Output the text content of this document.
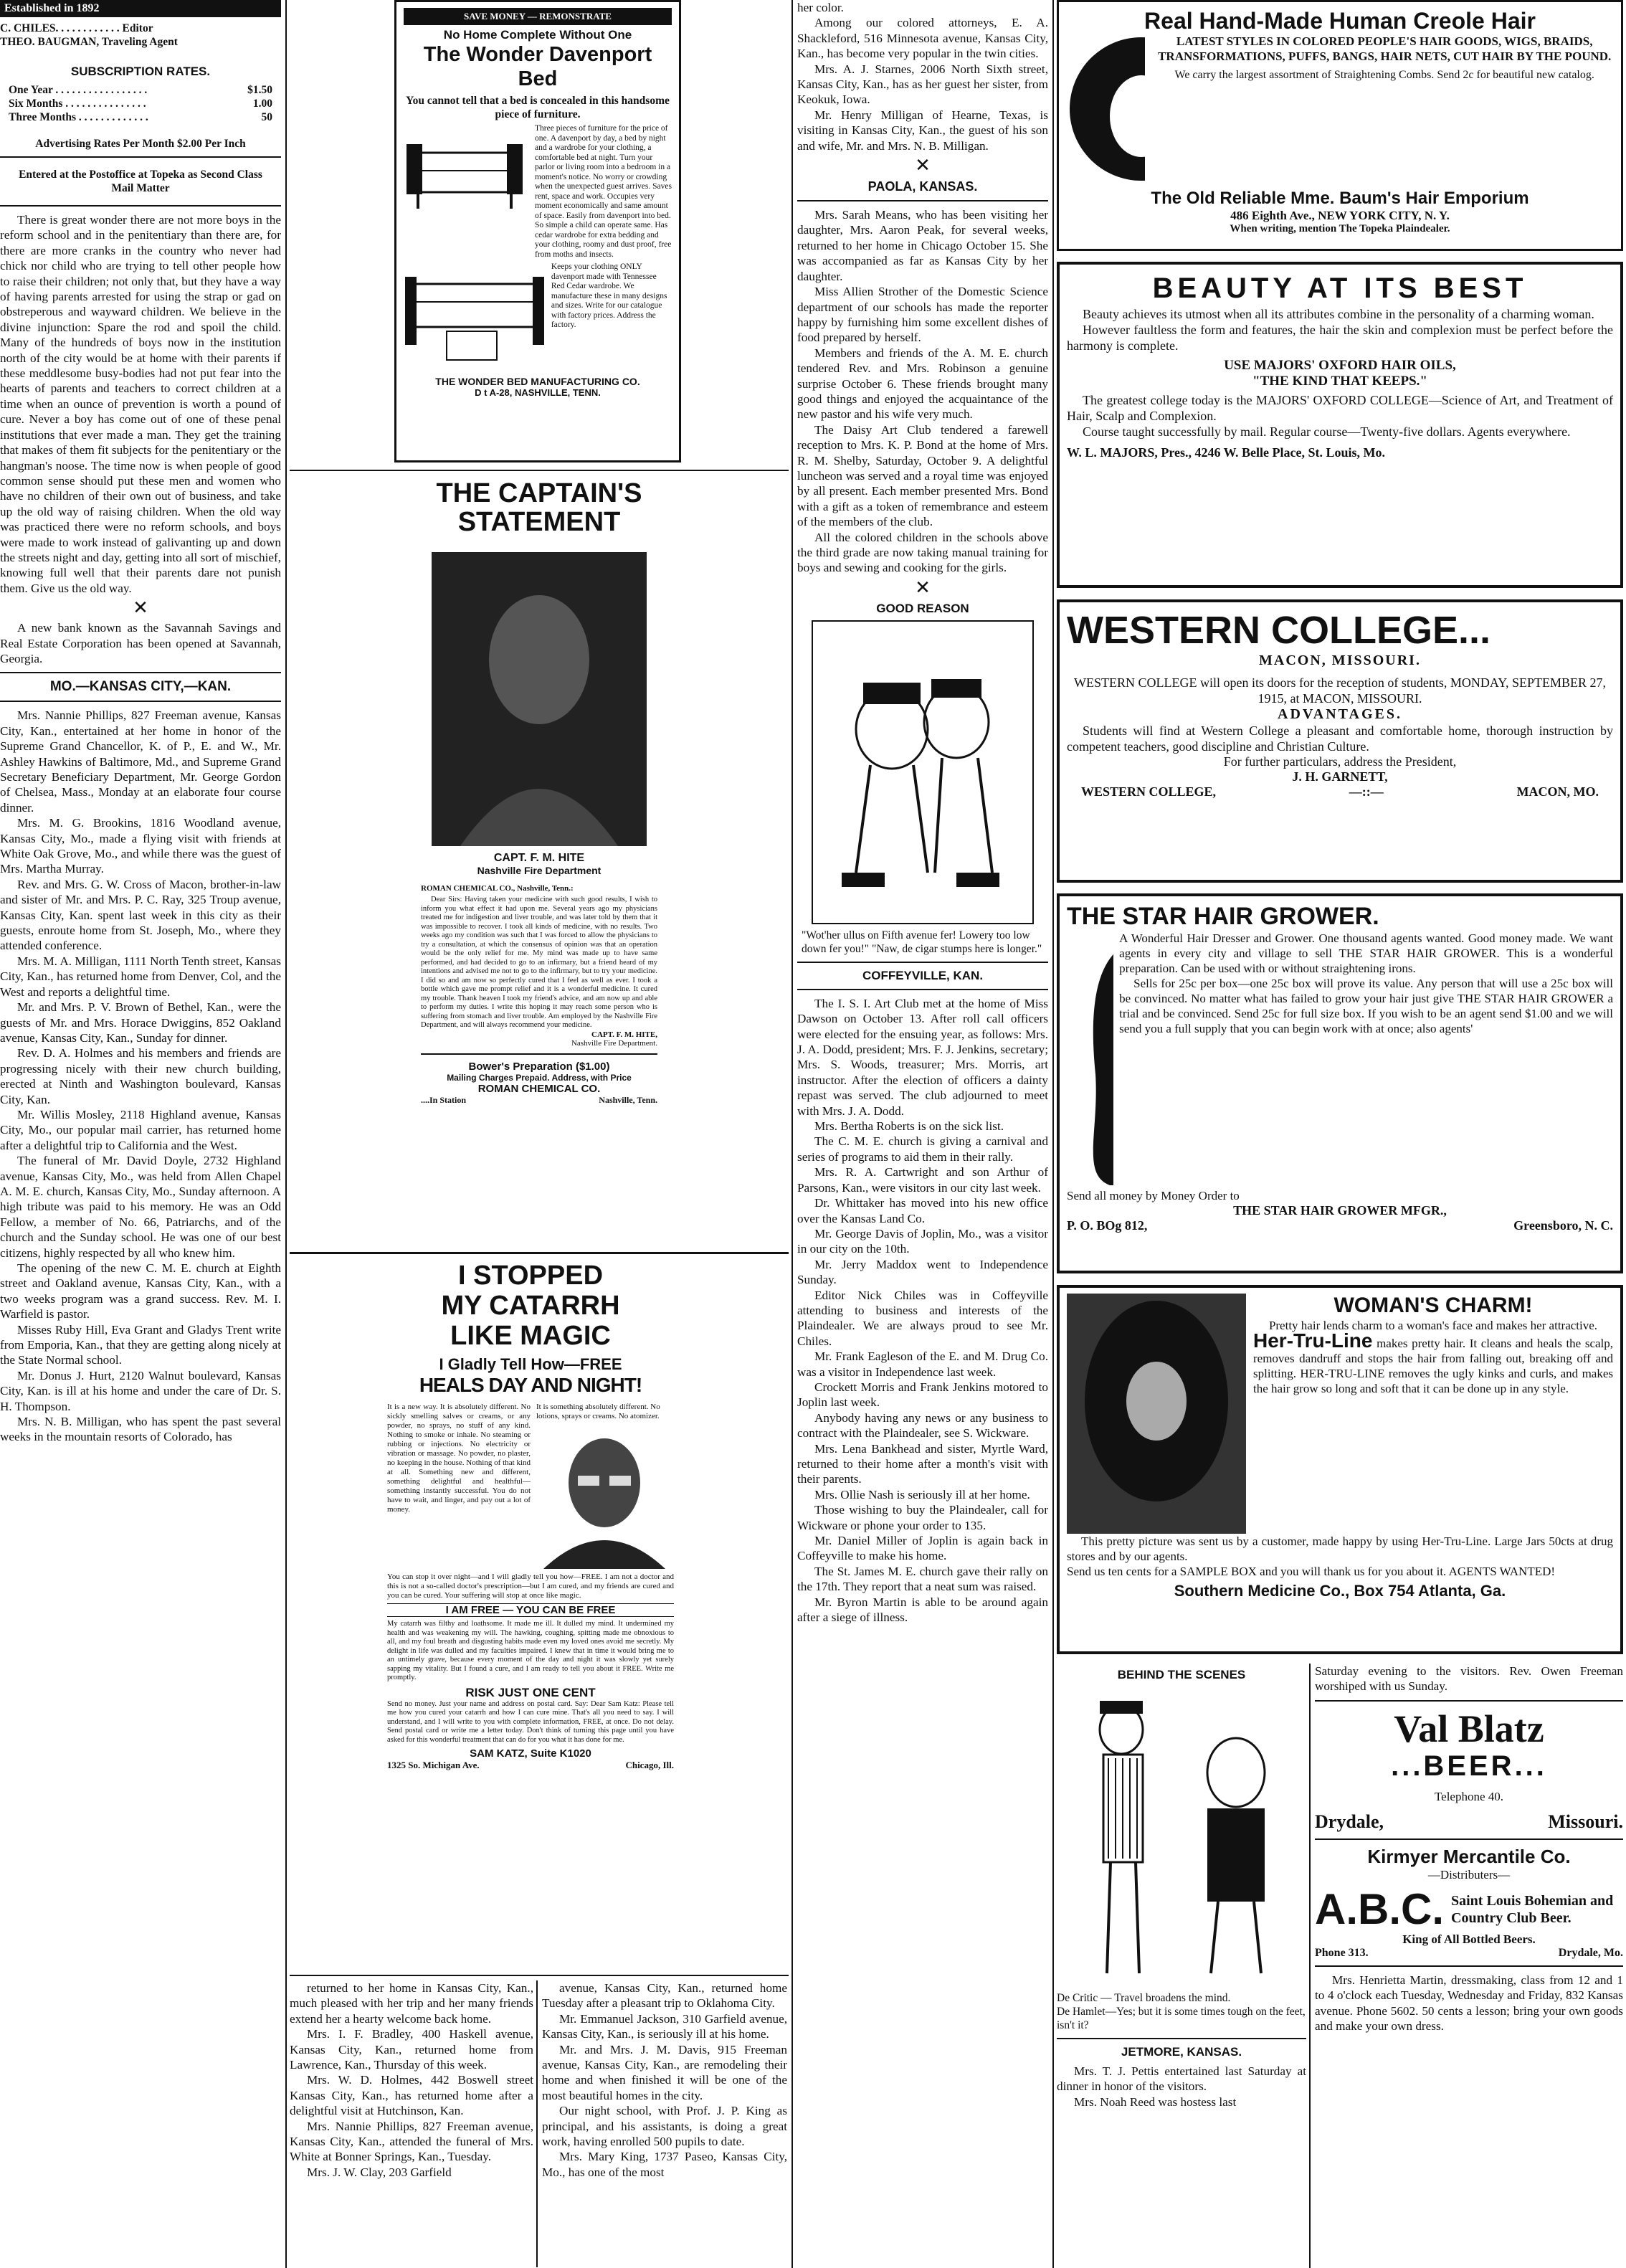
Established in 1892
C. CHILES. . . . . . . . . . . . Editor
THEO. BAUGMAN, Traveling Agent
SUBSCRIPTION RATES.
One Year . . . . . . . . . . . . . . . . .	$1.50
Six Months . . . . . . . . . . . . . . .	1.00
Three Months . . . . . . . . . . . . .	50
Advertising Rates Per Month $2.00 Per Inch
Entered at the Postoffice at Topeka as Second Class Mail Matter

There is great wonder there are not more boys in the reform school and in the penitentiary than there are, for there are more cranks in the country who never had chick nor child who are trying to tell other people how to raise their children; not only that, but they have a way of having parents arrested for using the strap or gad on obstreperous and wayward children. We believe in the divine injunction: Spare the rod and spoil the child. Many of the hundreds of boys now in the institution north of the city would be at home with their parents if these meddlesome busy-bodies had not put fear into the hearts of parents and teachers to correct children at a time when an ounce of prevention is worth a pound of cure. Never a boy has come out of one of these penal institutions that ever made a man. They get the training that makes of them fit subjects for the penitentiary or the hangman's noose. The time now is when people of good common sense should put these men and women who have no children of their own out of business, and take up the old way of raising children. When the old way was practiced there were no reform schools, and boys were made to work instead of galivanting up and down the streets night and day, getting into all sort of mischief, knowing full well that their parents dare not punish them. Give us the old way.

✕

A new bank known as the Savannah Savings and Real Estate Corporation has been opened at Savannah, Georgia.

MO.—KANSAS CITY,—KAN.

Mrs. Nannie Phillips, 827 Freeman avenue, Kansas City, Kan., entertained at her home in honor of the Supreme Grand Chancellor, K. of P., E. and W., Mr. Ashley Hawkins of Baltimore, Md., and Supreme Grand Secretary Beneficiary Department, Mr. George Gordon of Chelsea, Mass., Monday at an elaborate four course dinner.

Mrs. M. G. Brookins, 1816 Woodland avenue, Kansas City, Mo., made a flying visit with friends at White Oak Grove, Mo., and while there was the guest of Mrs. Martha Murray.

Rev. and Mrs. G. W. Cross of Macon, brother-in-law and sister of Mr. and Mrs. P. C. Ray, 325 Troup avenue, Kansas City, Kan. spent last week in this city as their guests, enroute home from St. Joseph, Mo., where they attended conference.

Mrs. M. A. Milligan, 1111 North Tenth street, Kansas City, Kan., has returned home from Denver, Col, and the West and reports a delightful time.

Mr. and Mrs. P. V. Brown of Bethel, Kan., were the guests of Mr. and Mrs. Horace Dwiggins, 852 Oakland avenue, Kansas City, Kan., Sunday for dinner.

Rev. D. A. Holmes and his members and friends are progressing nicely with their new church building, erected at Ninth and Washington boulevard, Kansas City, Kan.

Mr. Willis Mosley, 2118 Highland avenue, Kansas City, Mo., our popular mail carrier, has returned home after a delightful trip to California and the West.

The funeral of Mr. David Doyle, 2732 Highland avenue, Kansas City, Mo., was held from Allen Chapel A. M. E. church, Kansas City, Mo., Sunday afternoon. A high tribute was paid to his memory. He was an Odd Fellow, a member of No. 66, Patriarchs, and of the church and the Sunday school. He was one of our best citizens, highly respected by all who knew him.

The opening of the new C. M. E. church at Eighth street and Oakland avenue, Kansas City, Kan., with a two weeks program was a grand success. Rev. M. I. Warfield is pastor.

Misses Ruby Hill, Eva Grant and Gladys Trent write from Emporia, Kan., that they are getting along nicely at the State Normal school.

Mr. Donus J. Hurt, 2120 Walnut boulevard, Kansas City, Kan. is ill at his home and under the care of Dr. S. H. Thompson.

Mrs. N. B. Milligan, who has spent the past several weeks in the mountain resorts of Colorado, has

SAVE MONEY — REMONSTRATE
No Home Complete Without One
The Wonder Davenport Bed
You cannot tell that a bed is concealed in this handsome piece of furniture.
Three pieces of furniture for the price of one. A davenport by day, a bed by night and a wardrobe for your clothing, a comfortable bed at night. Turn your parlor or living room into a bedroom in a moment's notice. No worry or crowding when the unexpected guest arrives. Saves rent, space and work. Occupies very moment economically and same amount of space. Easily from davenport into bed. So simple a child can operate same. Has cedar wardrobe for extra bedding and your clothing, roomy and dust proof, free from moths and insects.
Keeps your clothing ONLY davenport made with Tennessee Red Cedar wardrobe. We manufacture these in many designs and sizes. Write for our catalogue with factory prices. Address the factory.
THE WONDER BED MANUFACTURING CO.
D t A-28, NASHVILLE, TENN.
THE CAPTAIN'S
STATEMENT
CAPT. F. M. HITE
Nashville Fire Department
ROMAN CHEMICAL CO., Nashville, Tenn.:
Dear Sirs: Having taken your medicine with such good results, I wish to inform you what effect it had upon me. Several years ago my physicians treated me for indigestion and liver trouble, and was later told by them that it was impossible to recover. I took all kinds of medicine, with no results. Two weeks ago my condition was such that I was forced to allow the physicians to try a consultation, at which the consensus of opinion was that an operation would be the only relief for me. My mind was made up to have same performed, and had decided to go to an infirmary, but a friend heard of my intentions and advised me not to go to the infirmary, but to try your medicine. I did so and am now so perfectly cured that I feel as well as ever. I took a bottle which gave me prompt relief and it is a wonderful medicine. It cured my trouble. Thank heaven I took my friend's advice, and am now up and able to perform my duties. I write this hoping it may reach some person who is suffering from stomach and liver trouble. Am employed by the Nashville Fire Department, and will always recommend your medicine.
CAPT. F. M. HITE,
Nashville Fire Department.
Bower's Preparation ($1.00)
Mailing Charges Prepaid. Address, with Price
ROMAN CHEMICAL CO.
....In Station	Nashville, Tenn.
I STOPPED
MY CATARRH
LIKE MAGIC
I Gladly Tell How—FREE
HEALS DAY AND NIGHT!
It is a new way. It is absolutely different. No sickly smelling salves or creams, or any powder, no sprays, no stuff of any kind. Nothing to smoke or inhale. No steaming or rubbing or injections. No electricity or vibration or massage. No powder, no plaster, no keeping in the house. Nothing of that kind at all. Something new and different, something delightful and healthful—something instantly successful. You do not have to wait, and linger, and pay out a lot of money.
It is something absolutely different. No lotions, sprays or creams. No atomizer.
You can stop it over night—and I will gladly tell you how—FREE. I am not a doctor and this is not a so-called doctor's prescription—but I am cured, and my friends are cured and you can be cured. Your suffering will stop at once like magic.
I AM FREE — YOU CAN BE FREE
My catarrh was filthy and loathsome. It made me ill. It dulled my mind. It undermined my health and was weakening my will. The hawking, coughing, spitting made me obnoxious to all, and my foul breath and disgusting habits made even my loved ones avoid me secretly. My delight in life was dulled and my faculties impaired. I knew that in time it would bring me to an untimely grave, because every moment of the day and night it was slowly yet surely sapping my vitality. But I found a cure, and I am ready to tell you about it FREE. Write me promptly.
RISK JUST ONE CENT
Send no money. Just your name and address on postal card. Say: Dear Sam Katz: Please tell me how you cured your catarrh and how I can cure mine. That's all you need to say. I will understand, and I will write to you with complete information, FREE, at once. Do not delay. Send postal card or write me a letter today. Don't think of turning this page until you have asked for this wonderful treatment that can do for you what it has done for me.
SAM KATZ, Suite K1020
1325 So. Michigan Ave.	Chicago, Ill.

returned to her home in Kansas City, Kan., much pleased with her trip and her many friends extend her a hearty welcome back home.

Mrs. I. F. Bradley, 400 Haskell avenue, Kansas City, Kan., returned home from Lawrence, Kan., Thursday of this week.

Mrs. W. D. Holmes, 442 Boswell street Kansas City, Kan., has returned home after a delightful visit at Hutchinson, Kan.

Mrs. Nannie Phillips, 827 Freeman avenue, Kansas City, Kan., attended the funeral of Mrs. White at Bonner Springs, Kan., Tuesday.

Mrs. J. W. Clay, 203 Garfield

avenue, Kansas City, Kan., returned home Tuesday after a pleasant trip to Oklahoma City.

Mr. Emmanuel Jackson, 310 Garfield avenue, Kansas City, Kan., is seriously ill at his home.

Mr. and Mrs. J. M. Davis, 915 Freeman avenue, Kansas City, Kan., are remodeling their home and when finished it will be one of the most beautiful homes in the city.

Our night school, with Prof. J. P. King as principal, and his assistants, is doing a great work, having enrolled 500 pupils to date.

Mrs. Mary King, 1737 Paseo, Kansas City, Mo., has one of the most

her color.

Among our colored attorneys, E. A. Shackleford, 516 Minnesota avenue, Kansas City, Kan., has become very popular in the twin cities.

Mrs. A. J. Starnes, 2006 North Sixth street, Kansas City, Kan., has as her guest her sister, from Keokuk, Iowa.

Mr. Henry Milligan of Hearne, Texas, is visiting in Kansas City, Kan., the guest of his son and wife, Mr. and Mrs. N. B. Milligan.

✕
PAOLA, KANSAS.

Mrs. Sarah Means, who has been visiting her daughter, Mrs. Aaron Peak, for several weeks, returned to her home in Chicago October 15. She was accompanied as far as Kansas City by her daughter.

Miss Allien Strother of the Domestic Science department of our schools has made the reporter happy by furnishing him some excellent dishes of food prepared by herself.

Members and friends of the A. M. E. church tendered Rev. and Mrs. Robinson a genuine surprise October 6. These friends brought many good things and enjoyed the acquaintance of the new pastor and his wife very much.

The Daisy Art Club tendered a farewell reception to Mrs. K. P. Bond at the home of Mrs. R. M. Shelby, Saturday, October 9. A delightful luncheon was served and a royal time was enjoyed by all present. Each member presented Mrs. Bond with a gift as a token of remembrance and esteem of the members of the club.

All the colored children in the schools above the third grade are now taking manual training for boys and sewing and cooking for the girls.

✕
GOOD REASON
"Wot'her ullus on Fifth avenue fer! Lowery too low down fer you!" "Naw, de cigar stumps here is longer."
COFFEYVILLE, KAN.

The I. S. I. Art Club met at the home of Miss Dawson on October 13. After roll call officers were elected for the ensuing year, as follows: Mrs. J. A. Dodd, president; Mrs. F. J. Jenkins, secretary; Mrs. S. Woods, treasurer; Mrs. Morris, art instructor. After the election of officers a dainty repast was served. The club adjourned to meet with Mrs. J. A. Dodd.

Mrs. Bertha Roberts is on the sick list.

The C. M. E. church is giving a carnival and series of programs to aid them in their rally.

Mrs. R. A. Cartwright and son Arthur of Parsons, Kan., were visitors in our city last week.

Dr. Whittaker has moved into his new office over the Kansas Land Co.

Mr. George Davis of Joplin, Mo., was a visitor in our city on the 10th.

Mr. Jerry Maddox went to Independence Sunday.

Editor Nick Chiles was in Coffeyville attending to business and interests of the Plaindealer. We are always proud to see Mr. Chiles.

Mr. Frank Eagleson of the E. and M. Drug Co. was a visitor in Independence last week.

Crockett Morris and Frank Jenkins motored to Joplin last week.

Anybody having any news or any business to contract with the Plaindealer, see S. Wickware.

Mrs. Lena Bankhead and sister, Myrtle Ward, returned to their home after a month's visit with their parents.

Mrs. Ollie Nash is seriously ill at her home.

Those wishing to buy the Plaindealer, call for Wickware or phone your order to 135.

Mr. Daniel Miller of Joplin is again back in Coffeyville to make his home.

The St. James M. E. church gave their rally on the 17th. They report that a neat sum was raised.

Mr. Byron Martin is able to be around again after a siege of illness.

Real Hand-Made Human Creole Hair
LATEST STYLES IN COLORED PEOPLE'S HAIR GOODS, WIGS, BRAIDS, TRANSFORMATIONS, PUFFS, BANGS, HAIR NETS, CUT HAIR BY THE POUND.
We carry the largest assortment of Straightening Combs. Send 2c for beautiful new catalog.
The Old Reliable Mme. Baum's Hair Emporium
486 Eighth Ave., NEW YORK CITY, N. Y.
When writing, mention The Topeka Plaindealer.
BEAUTY AT ITS BEST
Beauty achieves its utmost when all its attributes combine in the personality of a charming woman.
However faultless the form and features, the hair the skin and complexion must be perfect before the harmony is complete.
USE MAJORS' OXFORD HAIR OILS,
"THE KIND THAT KEEPS."
The greatest college today is the MAJORS' OXFORD COLLEGE—Science of Art, and Treatment of Hair, Scalp and Complexion.
Course taught successfully by mail. Regular course—Twenty-five dollars. Agents everywhere.
W. L. MAJORS, Pres., 4246 W. Belle Place, St. Louis, Mo.
WESTERN COLLEGE...
MACON, MISSOURI.
WESTERN COLLEGE will open its doors for the reception of students, MONDAY, SEPTEMBER 27, 1915, at MACON, MISSOURI.
ADVANTAGES.
Students will find at Western College a pleasant and comfortable home, thorough instruction by competent teachers, good discipline and Christian Culture.
For further particulars, address the President,
J. H. GARNETT,
WESTERN COLLEGE,	—::—	MACON, MO.
THE STAR HAIR GROWER.
A Wonderful Hair Dresser and Grower. One thousand agents wanted. Good money made. We want agents in every city and village to sell THE STAR HAIR GROWER. This is a wonderful preparation. Can be used with or without straightening irons.
Sells for 25c per box—one 25c box will prove its value. Any person that will use a 25c box will be convinced. No matter what has failed to grow your hair just give THE STAR HAIR GROWER a trial and be convinced. Send 25c for full size box. If you wish to be an agent send $1.00 and we will send you a full supply that you can begin work with at once; also agents'
Send all money by Money Order to
THE STAR HAIR GROWER MFGR.,
P. O. BOg 812,	Greensboro, N. C.
WOMAN'S CHARM!
Pretty hair lends charm to a woman's face and makes her attractive.
Her-Tru-Line makes pretty hair. It cleans and heals the scalp, removes dandruff and stops the hair from falling out, breaking off and splitting. HER-TRU-LINE removes the ugly kinks and curls, and makes the hair grow so long and soft that it can be done up in any style.
This pretty picture was sent us by a customer, made happy by using Her-Tru-Line. Large Jars 50cts at drug stores and by our agents.
Send us ten cents for a SAMPLE BOX and you will thank us for you about it. AGENTS WANTED!
Southern Medicine Co., Box 754 Atlanta, Ga.
BEHIND THE SCENES
De Critic — Travel broadens the mind.
De Hamlet—Yes; but it is some times tough on the feet, isn't it?
JETMORE, KANSAS.

Mrs. T. J. Pettis entertained last Saturday at dinner in honor of the visitors.

Mrs. Noah Reed was hostess last

Saturday evening to the visitors. Rev. Owen Freeman worshiped with us Sunday.
Val Blatz
...BEER...
Telephone 40.
Drydale,	Missouri.
Kirmyer Mercantile Co.
—Distributers—
A.B.C. Saint Louis Bohemian and Country Club Beer.
King of All Bottled Beers.
Phone 313.	Drydale, Mo.

Mrs. Henrietta Martin, dressmaking, class from 12 and 1 to 4 o'clock each Tuesday, Wednesday and Friday, 832 Kansas avenue. Phone 5602. 50 cents a lesson; bring your own goods and make your own dress.
